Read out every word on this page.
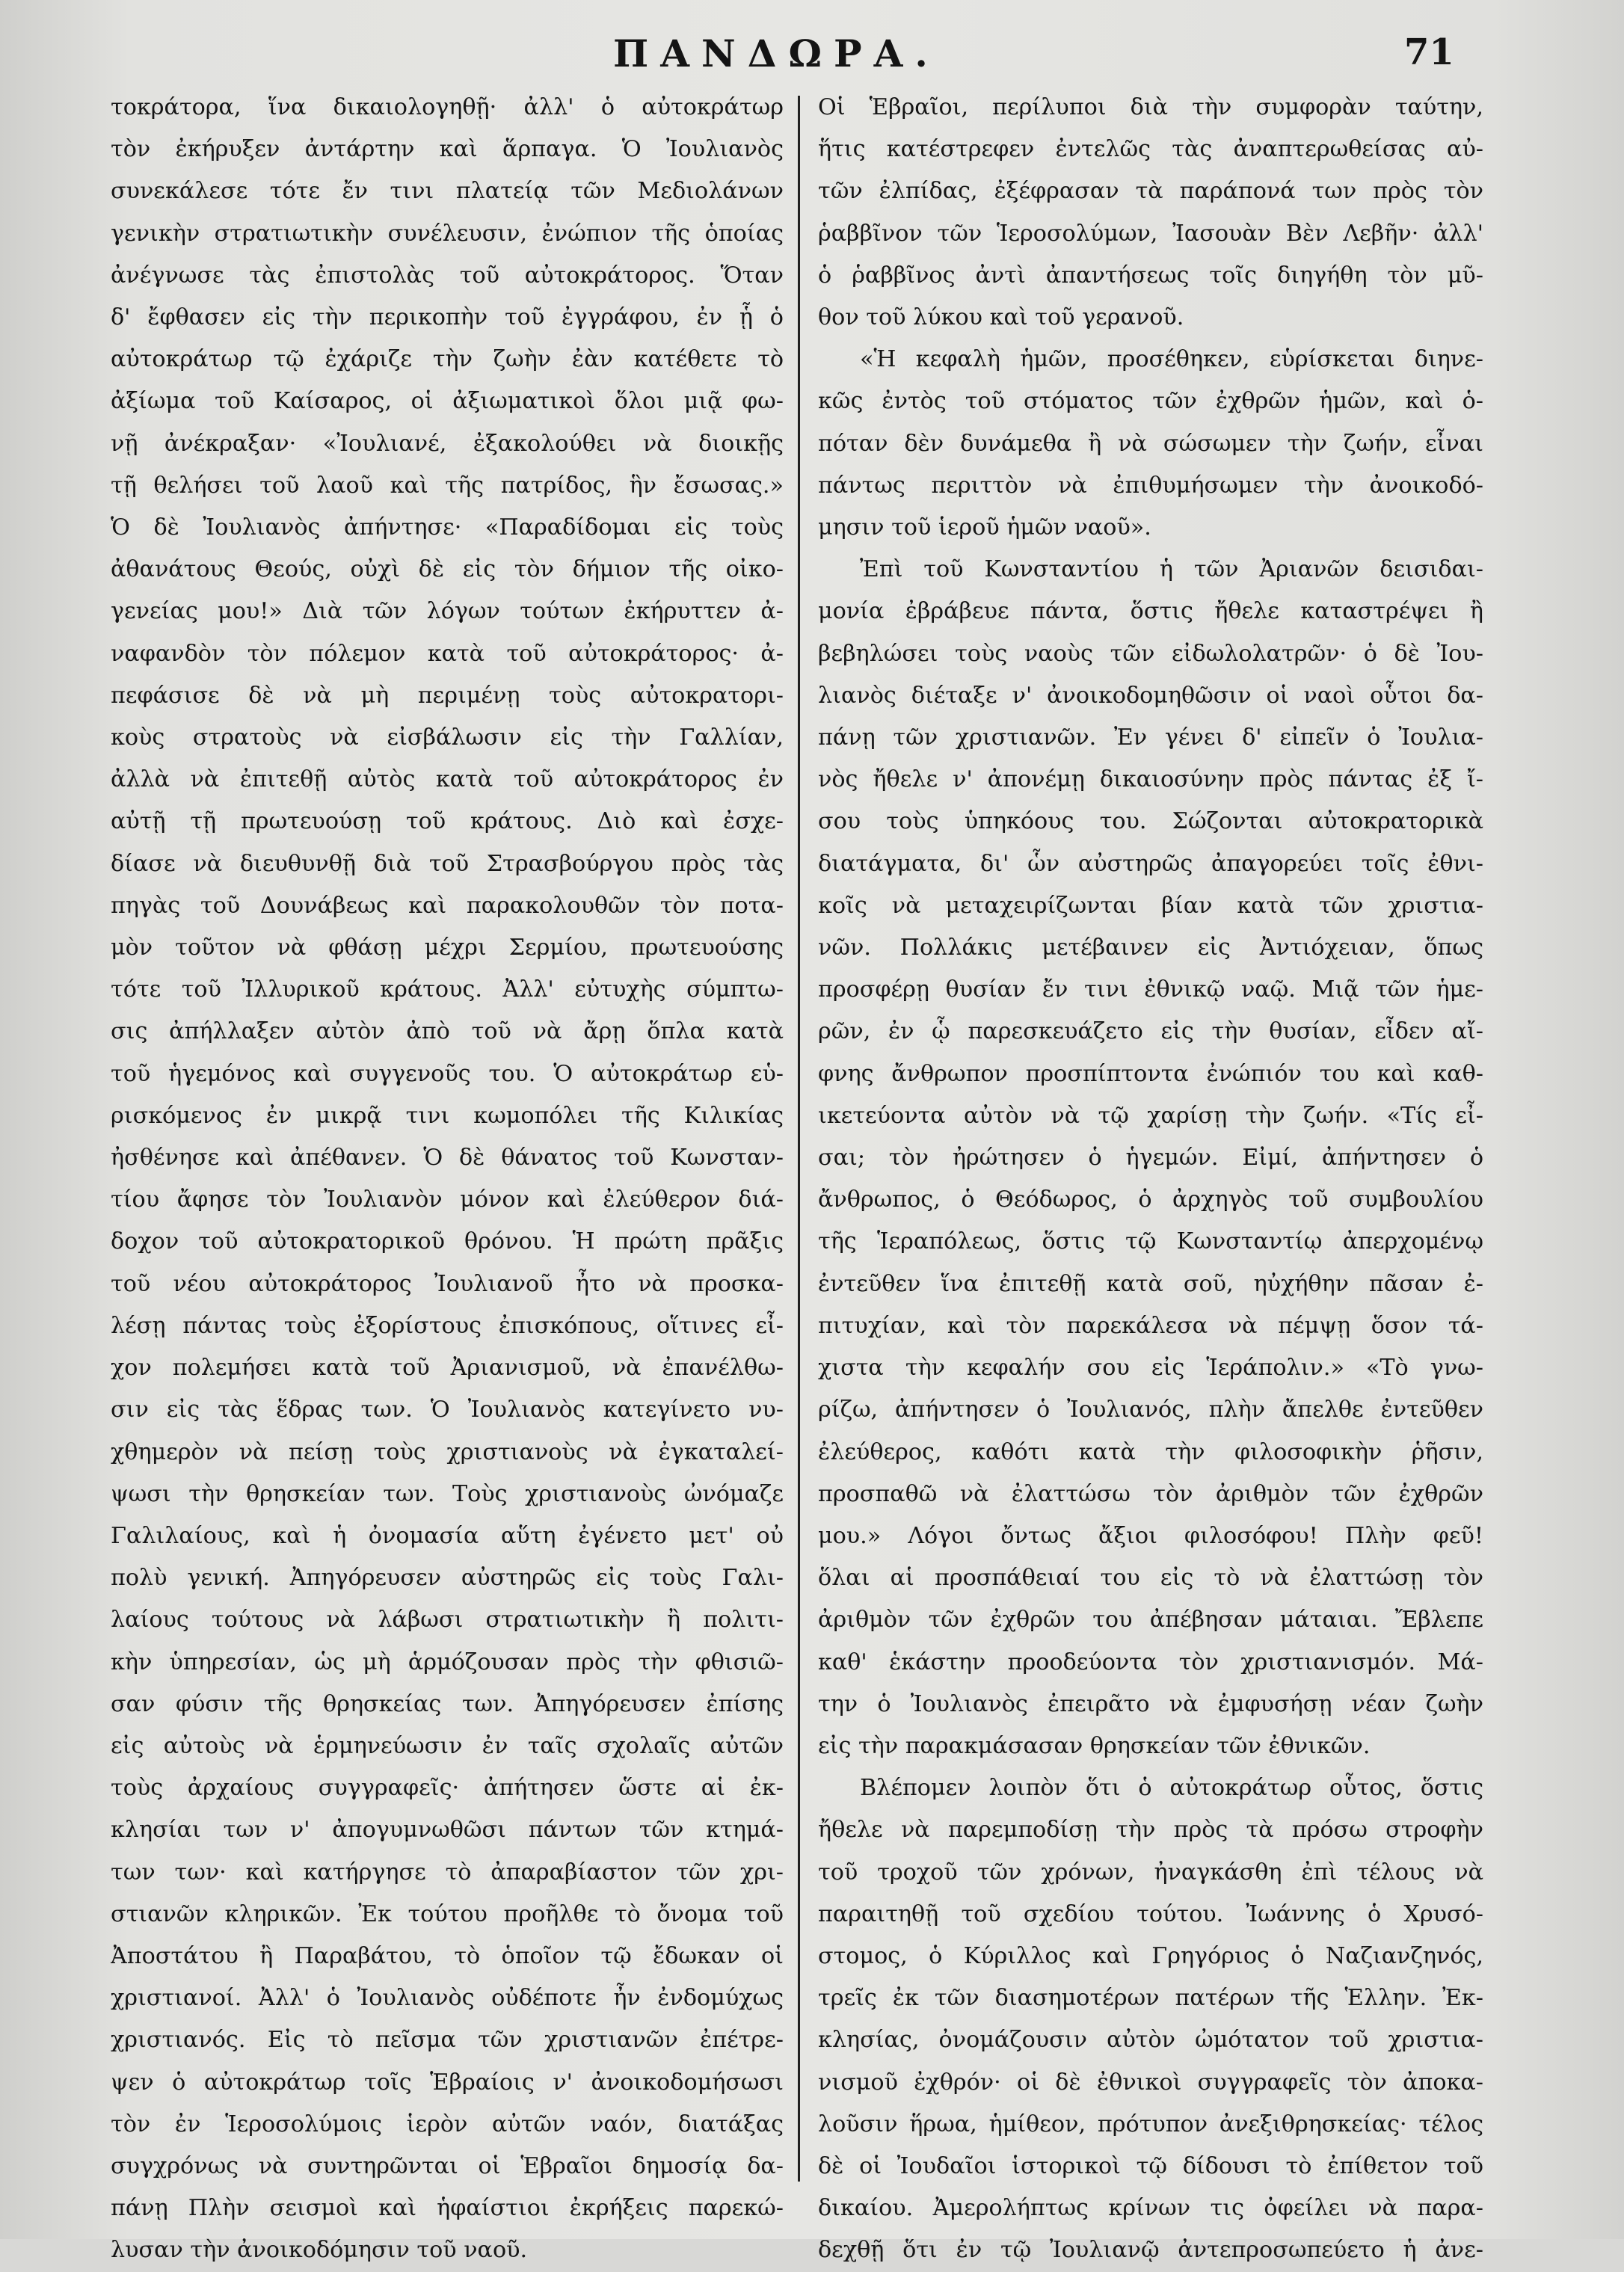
ΠΑΝΔΩΡΑ.	71
τοκράτορα, ἵνα δικαιολογηθῇ· ἀλλ' ὁ αὐτοκράτωρ
τὸν ἐκήρυξεν ἀντάρτην καὶ ἅρπαγα. Ὁ Ἰουλιανὸς
συνεκάλεσε τότε ἔν τινι πλατείᾳ τῶν Μεδιολάνων
γενικὴν στρατιωτικὴν συνέλευσιν, ἐνώπιον τῆς ὁποίας
ἀνέγνωσε τὰς ἐπιστολὰς τοῦ αὐτοκράτορος. Ὅταν
δ' ἔφθασεν εἰς τὴν περικοπὴν τοῦ ἐγγράφου, ἐν ᾗ ὁ
αὐτοκράτωρ τῷ ἐχάριζε τὴν ζωὴν ἐὰν κατέθετε τὸ
ἀξίωμα τοῦ Καίσαρος, οἱ ἀξιωματικοὶ ὅλοι μιᾷ φω-
νῇ ἀνέκραξαν· «Ἰουλιανέ, ἐξακολούθει νὰ διοικῇς
τῇ θελήσει τοῦ λαοῦ καὶ τῆς πατρίδος, ἣν ἔσωσας.»
Ὁ δὲ Ἰουλιανὸς ἀπήντησε· «Παραδίδομαι εἰς τοὺς
ἀθανάτους Θεούς, οὐχὶ δὲ εἰς τὸν δήμιον τῆς οἰκο-
γενείας μου!» Διὰ τῶν λόγων τούτων ἐκήρυττεν ἀ-
ναφανδὸν τὸν πόλεμον κατὰ τοῦ αὐτοκράτορος· ἀ-
πεφάσισε δὲ νὰ μὴ περιμένῃ τοὺς αὐτοκρατορι-
κοὺς στρατοὺς νὰ εἰσβάλωσιν εἰς τὴν Γαλλίαν,
ἀλλὰ νὰ ἐπιτεθῇ αὐτὸς κατὰ τοῦ αὐτοκράτορος ἐν
αὐτῇ τῇ πρωτευούσῃ τοῦ κράτους. Διὸ καὶ ἐσχε-
δίασε νὰ διευθυνθῇ διὰ τοῦ Στρασβούργου πρὸς τὰς
πηγὰς τοῦ Δουνάβεως καὶ παρακολουθῶν τὸν ποτα-
μὸν τοῦτον νὰ φθάσῃ μέχρι Σερμίου, πρωτευούσης
τότε τοῦ Ἰλλυρικοῦ κράτους. Ἀλλ' εὐτυχὴς σύμπτω-
σις ἀπήλλαξεν αὐτὸν ἀπὸ τοῦ νὰ ἄρῃ ὅπλα κατὰ
τοῦ ἡγεμόνος καὶ συγγενοῦς του. Ὁ αὐτοκράτωρ εὑ-
ρισκόμενος ἐν μικρᾷ τινι κωμοπόλει τῆς Κιλικίας
ἠσθένησε καὶ ἀπέθανεν. Ὁ δὲ θάνατος τοῦ Κωνσταν-
τίου ἄφησε τὸν Ἰουλιανὸν μόνον καὶ ἐλεύθερον διά-
δοχον τοῦ αὐτοκρατορικοῦ θρόνου. Ἡ πρώτη πρᾶξις
τοῦ νέου αὐτοκράτορος Ἰουλιανοῦ ἦτο νὰ προσκα-
λέσῃ πάντας τοὺς ἐξορίστους ἐπισκόπους, οἵτινες εἶ-
χον πολεμήσει κατὰ τοῦ Ἀριανισμοῦ, νὰ ἐπανέλθω-
σιν εἰς τὰς ἕδρας των. Ὁ Ἰουλιανὸς κατεγίνετο νυ-
χθημερὸν νὰ πείσῃ τοὺς χριστιανοὺς νὰ ἐγκαταλεί-
ψωσι τὴν θρησκείαν των. Τοὺς χριστιανοὺς ὠνόμαζε
Γαλιλαίους, καὶ ἡ ὀνομασία αὕτη ἐγένετο μετ' οὐ
πολὺ γενική. Ἀπηγόρευσεν αὐστηρῶς εἰς τοὺς Γαλι-
λαίους τούτους νὰ λάβωσι στρατιωτικὴν ἢ πολιτι-
κὴν ὑπηρεσίαν, ὡς μὴ ἁρμόζουσαν πρὸς τὴν φθισιῶ-
σαν φύσιν τῆς θρησκείας των. Ἀπηγόρευσεν ἐπίσης
εἰς αὐτοὺς νὰ ἑρμηνεύωσιν ἐν ταῖς σχολαῖς αὐτῶν
τοὺς ἀρχαίους συγγραφεῖς· ἀπήτησεν ὥστε αἱ ἐκ-
κλησίαι των ν' ἀπογυμνωθῶσι πάντων τῶν κτημά-
των των· καὶ κατήργησε τὸ ἀπαραβίαστον τῶν χρι-
στιανῶν κληρικῶν. Ἐκ τούτου προῆλθε τὸ ὄνομα τοῦ
Ἀποστάτου ἢ Παραβάτου, τὸ ὁποῖον τῷ ἔδωκαν οἱ
χριστιανοί. Ἀλλ' ὁ Ἰουλιανὸς οὐδέποτε ἦν ἐνδομύχως
χριστιανός. Εἰς τὸ πεῖσμα τῶν χριστιανῶν ἐπέτρε-
ψεν ὁ αὐτοκράτωρ τοῖς Ἑβραίοις ν' ἀνοικοδομήσωσι
τὸν ἐν Ἱεροσολύμοις ἱερὸν αὐτῶν ναόν, διατάξας
συγχρόνως νὰ συντηρῶνται οἱ Ἑβραῖοι δημοσίᾳ δα-
πάνῃ Πλὴν σεισμοὶ καὶ ἡφαίστιοι ἐκρήξεις παρεκώ-
λυσαν τὴν ἀνοικοδόμησιν τοῦ ναοῦ.
Οἱ Ἑβραῖοι, περίλυποι διὰ τὴν συμφορὰν ταύτην,
ἥτις κατέστρεφεν ἐντελῶς τὰς ἀναπτερωθείσας αὐ-
τῶν ἐλπίδας, ἐξέφρασαν τὰ παράπονά των πρὸς τὸν
ῥαββῖνον τῶν Ἱεροσολύμων, Ἰασουὰν Βὲν Λεβῆν· ἀλλ'
ὁ ῥαββῖνος ἀντὶ ἀπαντήσεως τοῖς διηγήθη τὸν μῦ-
θον τοῦ λύκου καὶ τοῦ γερανοῦ.
«Ἡ κεφαλὴ ἡμῶν, προσέθηκεν, εὑρίσκεται διηνε-
κῶς ἐντὸς τοῦ στόματος τῶν ἐχθρῶν ἡμῶν, καὶ ὁ-
πόταν δὲν δυνάμεθα ἢ νὰ σώσωμεν τὴν ζωήν, εἶναι
πάντως περιττὸν νὰ ἐπιθυμήσωμεν τὴν ἀνοικοδό-
μησιν τοῦ ἱεροῦ ἡμῶν ναοῦ».
Ἐπὶ τοῦ Κωνσταντίου ἡ τῶν Ἀριανῶν δεισιδαι-
μονία ἐβράβευε πάντα, ὅστις ἤθελε καταστρέψει ἢ
βεβηλώσει τοὺς ναοὺς τῶν εἰδωλολατρῶν· ὁ δὲ Ἰου-
λιανὸς διέταξε ν' ἀνοικοδομηθῶσιν οἱ ναοὶ οὗτοι δα-
πάνῃ τῶν χριστιανῶν. Ἐν γένει δ' εἰπεῖν ὁ Ἰουλια-
νὸς ἤθελε ν' ἀπονέμῃ δικαιοσύνην πρὸς πάντας ἐξ ἴ-
σου τοὺς ὑπηκόους του. Σώζονται αὐτοκρατορικὰ
διατάγματα, δι' ὧν αὐστηρῶς ἀπαγορεύει τοῖς ἐθνι-
κοῖς νὰ μεταχειρίζωνται βίαν κατὰ τῶν χριστια-
νῶν. Πολλάκις μετέβαινεν εἰς Ἀντιόχειαν, ὅπως
προσφέρῃ θυσίαν ἔν τινι ἐθνικῷ ναῷ. Μιᾷ τῶν ἡμε-
ρῶν, ἐν ᾧ παρεσκευάζετο εἰς τὴν θυσίαν, εἶδεν αἴ-
φνης ἄνθρωπον προσπίπτοντα ἐνώπιόν του καὶ καθ-
ικετεύοντα αὐτὸν νὰ τῷ χαρίσῃ τὴν ζωήν. «Τίς εἶ-
σαι; τὸν ἠρώτησεν ὁ ἡγεμών. Εἰμί, ἀπήντησεν ὁ
ἄνθρωπος, ὁ Θεόδωρος, ὁ ἀρχηγὸς τοῦ συμβουλίου
τῆς Ἱεραπόλεως, ὅστις τῷ Κωνσταντίῳ ἀπερχομένῳ
ἐντεῦθεν ἵνα ἐπιτεθῇ κατὰ σοῦ, ηὐχήθην πᾶσαν ἐ-
πιτυχίαν, καὶ τὸν παρεκάλεσα νὰ πέμψῃ ὅσον τά-
χιστα τὴν κεφαλήν σου εἰς Ἱεράπολιν.» «Τὸ γνω-
ρίζω, ἀπήντησεν ὁ Ἰουλιανός, πλὴν ἄπελθε ἐντεῦθεν
ἐλεύθερος, καθότι κατὰ τὴν φιλοσοφικὴν ῥῆσιν,
προσπαθῶ νὰ ἐλαττώσω τὸν ἀριθμὸν τῶν ἐχθρῶν
μου.» Λόγοι ὄντως ἄξιοι φιλοσόφου! Πλὴν φεῦ!
ὅλαι αἱ προσπάθειαί του εἰς τὸ νὰ ἐλαττώσῃ τὸν
ἀριθμὸν τῶν ἐχθρῶν του ἀπέβησαν μάταιαι. Ἔβλεπε
καθ' ἑκάστην προοδεύοντα τὸν χριστιανισμόν. Μά-
την ὁ Ἰουλιανὸς ἐπειρᾶτο νὰ ἐμφυσήσῃ νέαν ζωὴν
εἰς τὴν παρακμάσασαν θρησκείαν τῶν ἐθνικῶν.
Βλέπομεν λοιπὸν ὅτι ὁ αὐτοκράτωρ οὗτος, ὅστις
ἤθελε νὰ παρεμποδίσῃ τὴν πρὸς τὰ πρόσω στροφὴν
τοῦ τροχοῦ τῶν χρόνων, ἠναγκάσθη ἐπὶ τέλους νὰ
παραιτηθῇ τοῦ σχεδίου τούτου. Ἰωάννης ὁ Χρυσό-
στομος, ὁ Κύριλλος καὶ Γρηγόριος ὁ Ναζιανζηνός,
τρεῖς ἐκ τῶν διασημοτέρων πατέρων τῆς Ἑλλην. Ἐκ-
κλησίας, ὀνομάζουσιν αὐτὸν ὠμότατον τοῦ χριστια-
νισμοῦ ἐχθρόν· οἱ δὲ ἐθνικοὶ συγγραφεῖς τὸν ἀποκα-
λοῦσιν ἥρωα, ἡμίθεον, πρότυπον ἀνεξιθρησκείας· τέλος
δὲ οἱ Ἰουδαῖοι ἱστορικοὶ τῷ δίδουσι τὸ ἐπίθετον τοῦ
δικαίου. Ἀμερολήπτως κρίνων τις ὀφείλει νὰ παρα-
δεχθῇ ὅτι ἐν τῷ Ἰουλιανῷ ἀντεπροσωπεύετο ἡ ἀνε-
